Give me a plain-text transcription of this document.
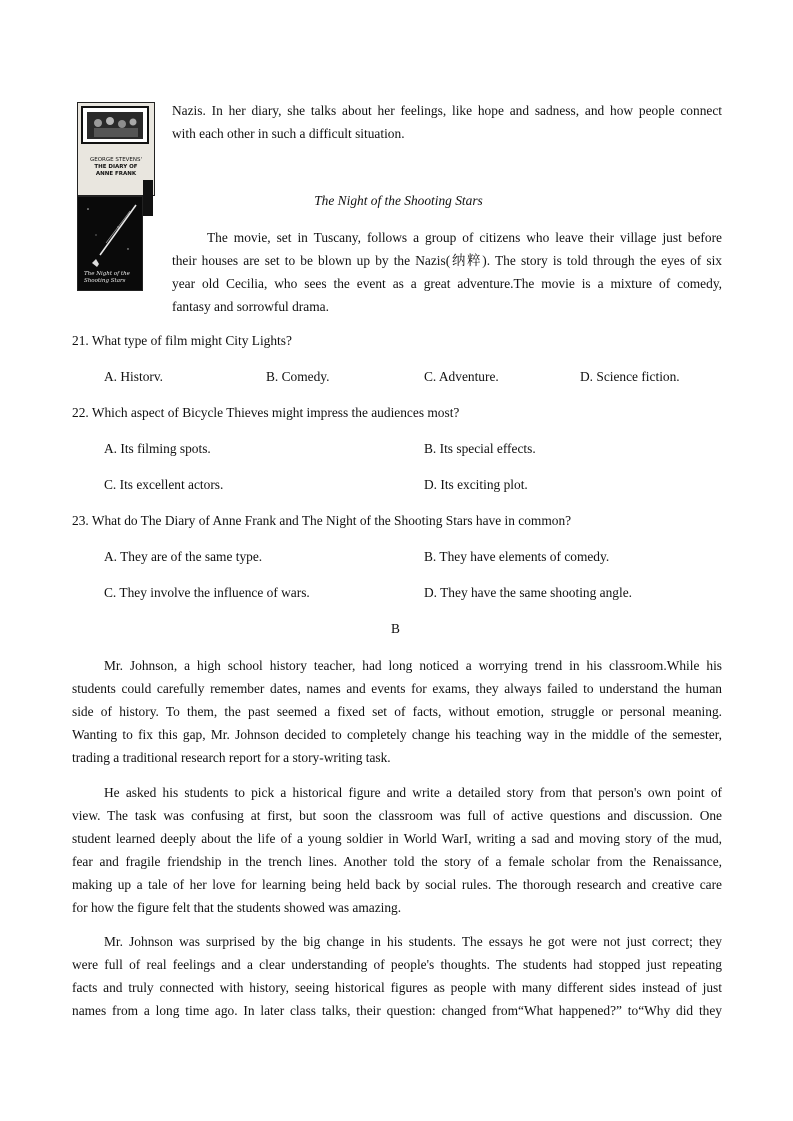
GEORGE STEVENS'
THE DIARY OF
ANNE FRANK
The Night of the
Shooting Stars
Nazis. In her diary, she talks about her feelings, like hope and sadness, and how people connect
with each other in such a difficult situation.
The Night of the Shooting Stars
The movie, set in Tuscany, follows a group of citizens who leave their village just before
their houses are set to be blown up by the Nazis(纳粹). The story is told through the eyes of six
year old Cecilia, who sees the event as a great adventure.The movie is a mixture of comedy,
fantasy and sorrowful drama.
21. What type of film might City Lights?
A. Historv.	B. Comedy.	C. Adventure.	D. Science fiction.
22. Which aspect of Bicycle Thieves might impress the audiences most?
A. Its filming spots.	B. Its special effects.
C. Its excellent actors.	D. Its exciting plot.
23. What do The Diary of Anne Frank and The Night of the Shooting Stars have in common?
A. They are of the same type.	B. They have elements of comedy.
C. They involve the influence of wars.	D. They have the same shooting angle.
B
Mr. Johnson, a high school history teacher, had long noticed a worrying trend in his classroom.While his
students could carefully remember dates, names and events for exams, they always failed to understand the human
side of history. To them, the past seemed a fixed set of facts, without emotion, struggle or personal meaning.
Wanting to fix this gap, Mr. Johnson decided to completely change his teaching way in the middle of the semester,
trading a traditional research report for a story-writing task.
He asked his students to pick a historical figure and write a detailed story from that person's own point of
view. The task was confusing at first, but soon the classroom was full of active questions and discussion. One
student learned deeply about the life of a young soldier in World WarI, writing a sad and moving story of the mud,
fear and fragile friendship in the trench lines. Another told the story of a female scholar from the Renaissance,
making up a tale of her love for learning being held back by social rules. The thorough research and creative care
for how the figure felt that the students showed was amazing.
Mr. Johnson was surprised by the big change in his students. The essays he got were not just correct; they
were full of real feelings and a clear understanding of people's thoughts. The students had stopped just repeating
facts and truly connected with history, seeing historical figures as people with many different sides instead of just
names from a long time ago. In later class talks, their question: changed from“What happened?” to“Why did they
